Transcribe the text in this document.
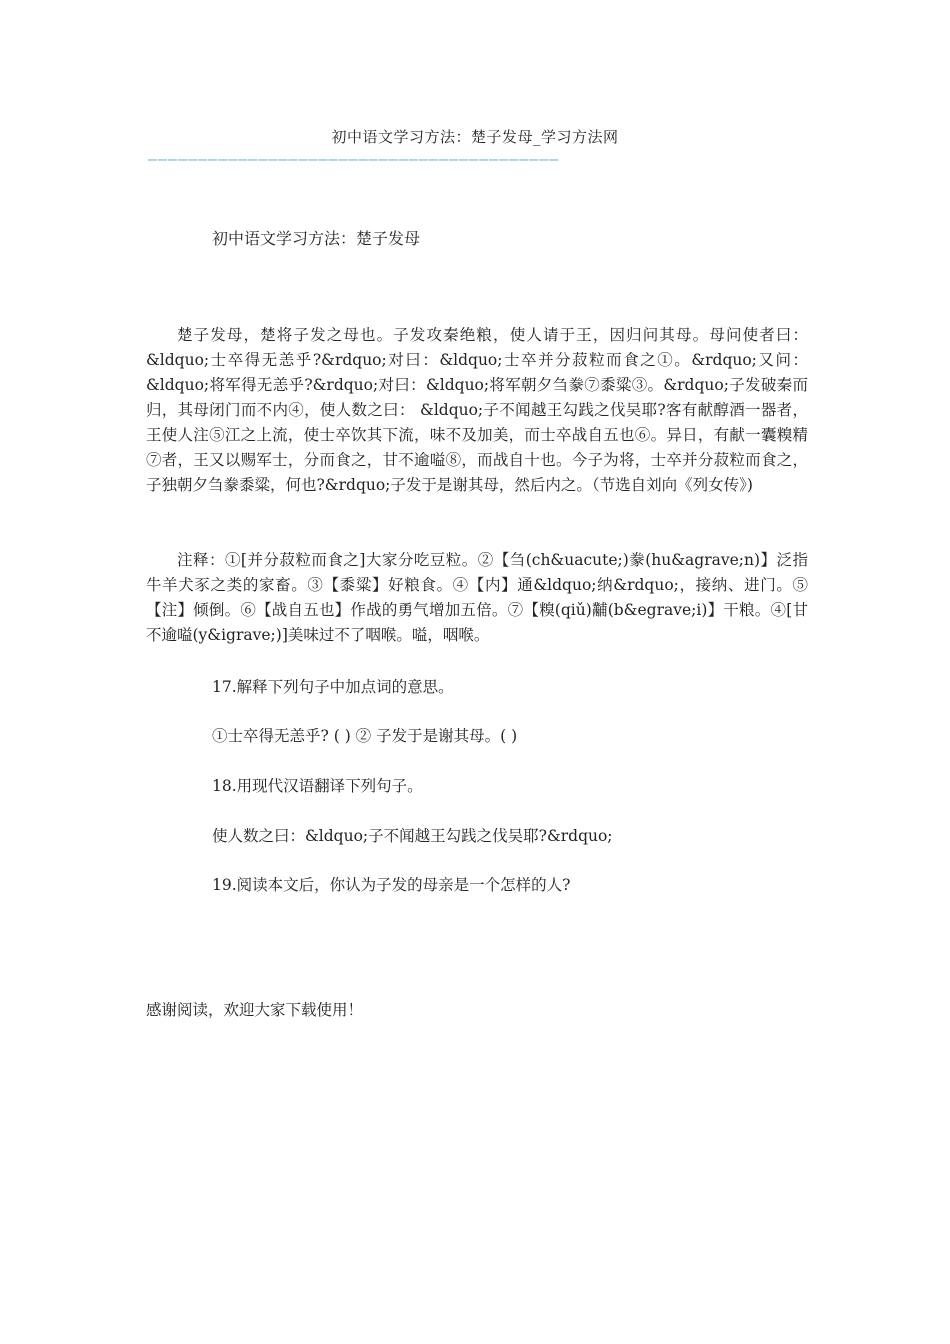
初中语文学习方法：楚子发母_学习方法网
—————————————————————————————————————————
初中语文学习方法：楚子发母
楚子发母，楚将子发之母也。子发攻秦绝粮，使人请于王，因归问其母。母问使者曰：&ldquo;士卒得无恙乎?&rdquo;对曰：&ldquo;士卒并分菽粒而食之①。&rdquo;又问：&ldquo;将军得无恙乎?&rdquo;对曰：&ldquo;将军朝夕刍豢⑦黍粱③。&rdquo;子发破秦而归，其母闭门而不内④，使人数之曰： &ldquo;子不闻越王勾践之伐吴耶?客有献醇酒一器者，王使人注⑤江之上流，使士卒饮其下流，味不及加美，而士卒战自五也⑥。异日，有献一囊糗精⑦者，王又以赐军士，分而食之，甘不逾嗌⑧，而战自十也。今子为将，士卒并分菽粒而食之，子独朝夕刍豢黍粱，何也?&rdquo;子发于是谢其母，然后内之。（节选自刘向《列女传》)
注释：①[并分菽粒而食之]大家分吃豆粒。②【刍(ch&uacute;)豢(hu&agrave;n)】泛指牛羊犬豕之类的家畜。③【黍粱】好粮食。④【内】通&ldquo;纳&rdquo;，接纳、进门。⑤【注】倾倒。⑥【战自五也】作战的勇气增加五倍。⑦【糗(qiǔ)黼(b&egrave;i)】干粮。④[甘不逾嗌(y&igrave;)]美味过不了咽喉。嗌，咽喉。
17.解释下列句子中加点词的意思。
①士卒得无恙乎? ( ) ② 子发于是谢其母。( )
18.用现代汉语翻译下列句子。
使人数之曰：&ldquo;子不闻越王勾践之伐吴耶?&rdquo;
19.阅读本文后，你认为子发的母亲是一个怎样的人?
感谢阅读，欢迎大家下载使用！
